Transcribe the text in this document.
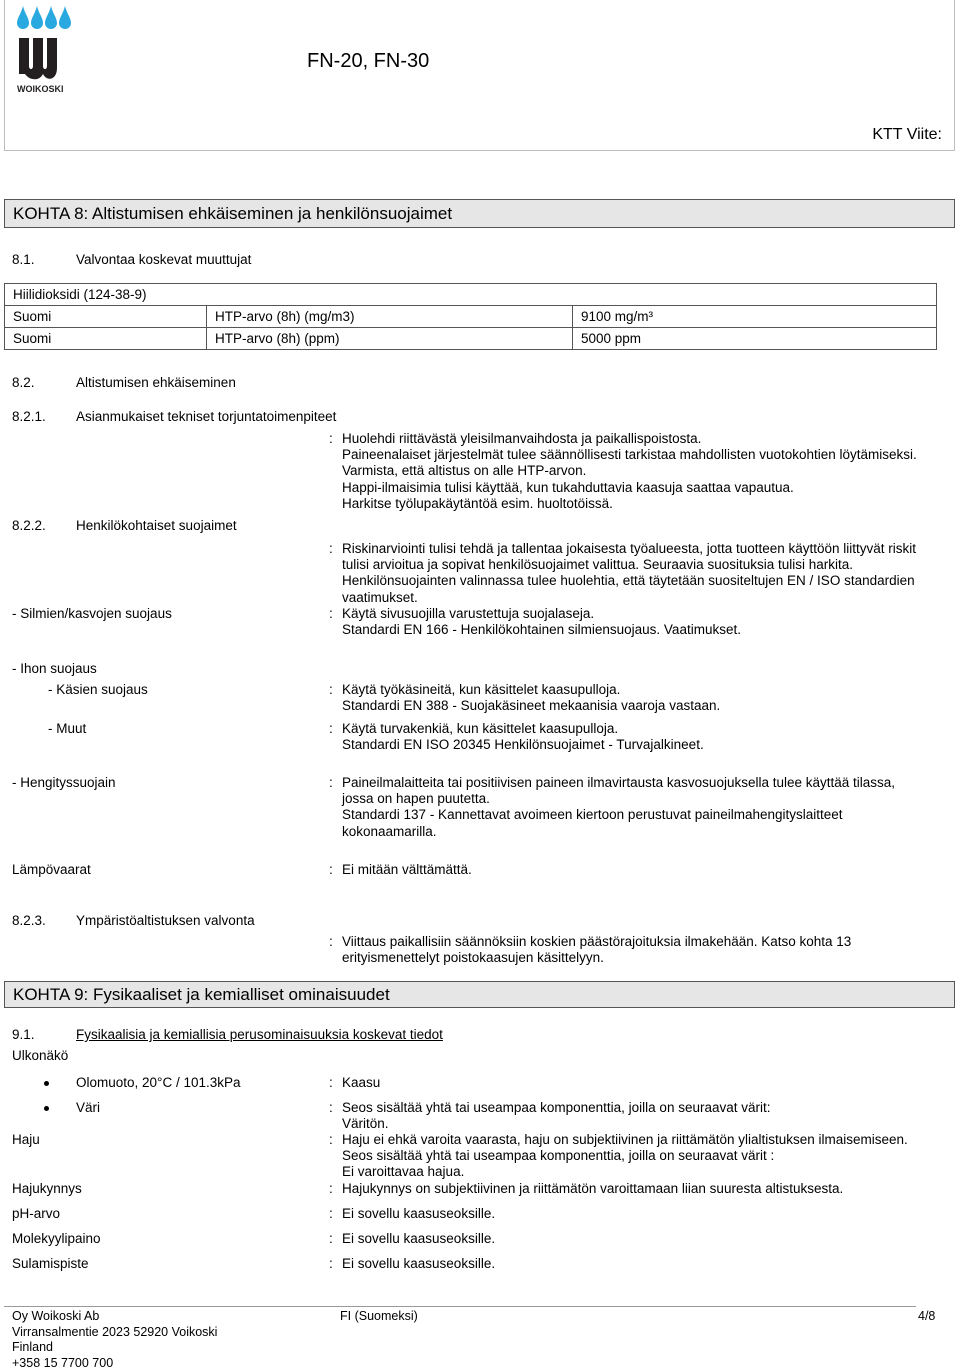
WOIKOSKI
FN-20, FN-30
KTT Viite:
KOHTA 8: Altistumisen ehkäiseminen ja henkilönsuojaimet
8.1.	Valvontaa koskevat muuttujat
Hiilidioksidi (124-38-9)		
Suomi	HTP-arvo (8h) (mg/m3)	9100 mg/m³
Suomi	HTP-arvo (8h) (ppm)	5000 ppm
8.2.	Altistumisen ehkäiseminen
8.2.1. Asianmukaiset tekniset torjuntatoimenpiteet
: Huolehdi riittävästä yleisilmanvaihdosta ja paikallispoistosta.
Paineenalaiset järjestelmät tulee säännöllisesti tarkistaa mahdollisten vuotokohtien löytämiseksi.
Varmista, että altistus on alle HTP-arvon.
Happi-ilmaisimia tulisi käyttää, kun tukahduttavia kaasuja saattaa vapautua.
Harkitse työlupakäytäntöä esim. huoltotöissä.
8.2.2. Henkilökohtaiset suojaimet
: Riskinarviointi tulisi tehdä ja tallentaa jokaisesta työalueesta, jotta tuotteen käyttöön liittyvät riskit
tulisi arvioitua ja sopivat henkilösuojaimet valittua. Seuraavia suosituksia tulisi harkita.
Henkilönsuojainten valinnassa tulee huolehtia, että täytetään suositeltujen EN / ISO standardien
vaatimukset.
- Silmien/kasvojen suojaus	: Käytä sivusuojilla varustettuja suojalaseja.
Standardi EN 166 - Henkilökohtainen silmiensuojaus. Vaatimukset.
- Ihon suojaus
- Käsien suojaus	: Käytä työkäsineitä, kun käsittelet kaasupulloja.
Standardi EN 388 - Suojakäsineet mekaanisia vaaroja vastaan.
- Muut	: Käytä turvakenkiä, kun käsittelet kaasupulloja.
Standardi EN ISO 20345 Henkilönsuojaimet - Turvajalkineet.
- Hengityssuojain	: Paineilmalaitteita tai positiivisen paineen ilmavirtausta kasvosuojuksella tulee käyttää tilassa,
jossa on hapen puutetta.
Standardi 137 - Kannettavat avoimeen kiertoon perustuvat paineilmahengityslaitteet
kokonaamarilla.
Lämpövaarat	: Ei mitään välttämättä.
8.2.3. Ympäristöaltistuksen valvonta
: Viittaus paikallisiin säännöksiin koskien päästörajoituksia ilmakehään. Katso kohta 13
erityismenettelyt poistokaasujen käsittelyyn.
KOHTA 9: Fysikaaliset ja kemialliset ominaisuudet
9.1.	Fysikaalisia ja kemiallisia perusominaisuuksia koskevat tiedot
Ulkonäkö
Olomuoto, 20°C / 101.3kPa	: Kaasu
Väri	: Seos sisältää yhtä tai useampaa komponenttia, joilla on seuraavat värit:
Väritön.
Haju	: Haju ei ehkä varoita vaarasta, haju on subjektiivinen ja riittämätön ylialtistuksen ilmaisemiseen.
Seos sisältää yhtä tai useampaa komponenttia, joilla on seuraavat värit :
Ei varoittavaa hajua.
Hajukynnys	: Hajukynnys on subjektiivinen ja riittämätön varoittamaan liian suuresta altistuksesta.
pH-arvo	: Ei sovellu kaasuseoksille.
Molekyylipaino	: Ei sovellu kaasuseoksille.
Sulamispiste	: Ei sovellu kaasuseoksille.
Oy Woikoski Ab
Virransalmentie 2023 52920 Voikoski
Finland
+358 15 7700 700
FI (Suomeksi)	4/8
